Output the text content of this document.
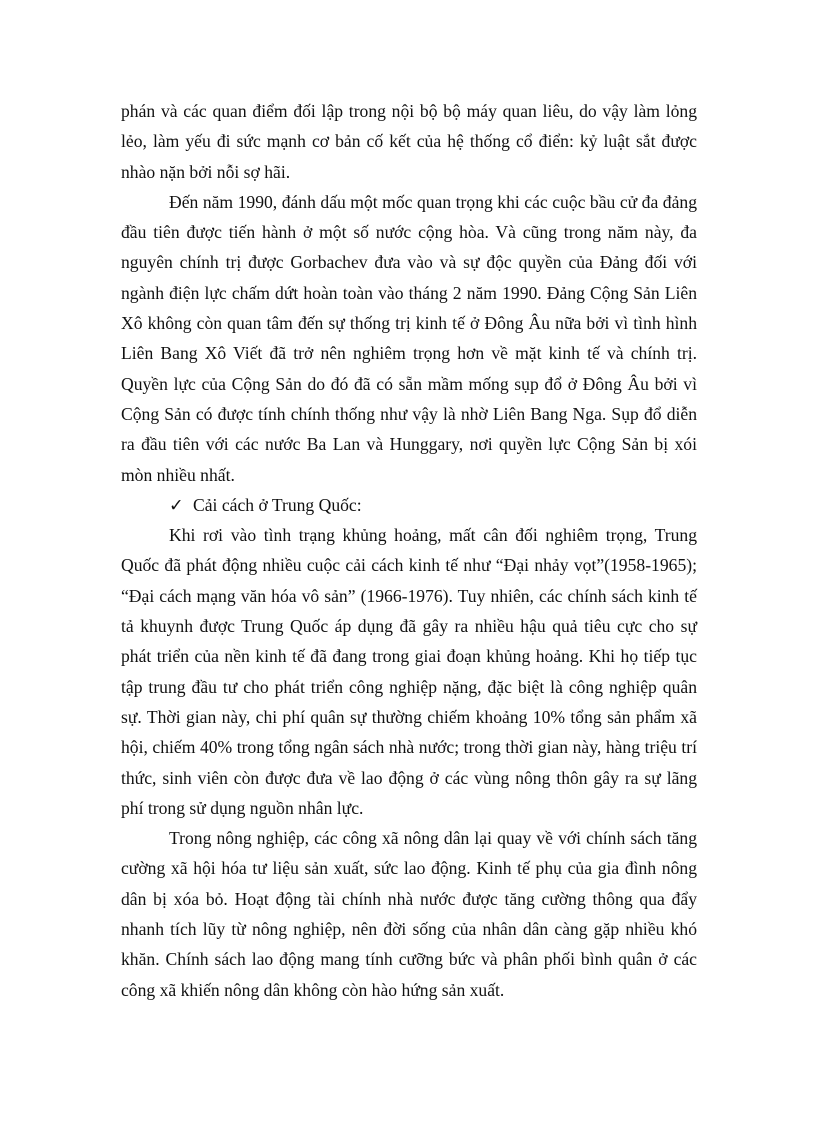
phán và các quan điểm đối lập trong nội bộ bộ máy quan liêu, do vậy làm lỏng lẻo, làm yếu đi sức mạnh cơ bản cố kết của hệ thống cổ điển: kỷ luật sắt được nhào nặn bởi nỗi sợ hãi.

Đến năm 1990, đánh dấu một mốc quan trọng khi các cuộc bầu cử đa đảng đầu tiên được tiến hành ở một số nước cộng hòa. Và cũng trong năm này, đa nguyên chính trị được Gorbachev đưa vào và sự độc quyền của Đảng đối với ngành điện lực chấm dứt hoàn toàn vào tháng 2 năm 1990. Đảng Cộng Sản Liên Xô không còn quan tâm đến sự thống trị kinh tế ở Đông Âu nữa bởi vì tình hình Liên Bang Xô Viết đã trở nên nghiêm trọng hơn về mặt kinh tế và chính trị. Quyền lực của Cộng Sản do đó đã có sẵn mầm mống sụp đổ ở Đông Âu bởi vì Cộng Sản có được tính chính thống như vậy là nhờ Liên Bang Nga. Sụp đổ diễn ra đầu tiên với các nước Ba Lan và Hunggary, nơi quyền lực Cộng Sản bị xói mòn nhiều nhất.

✓ Cải cách ở Trung Quốc:

Khi rơi vào tình trạng khủng hoảng, mất cân đối nghiêm trọng, Trung Quốc đã phát động nhiều cuộc cải cách kinh tế như “Đại nhảy vọt”(1958-1965); “Đại cách mạng văn hóa vô sản” (1966-1976). Tuy nhiên, các chính sách kinh tế tả khuynh được Trung Quốc áp dụng đã gây ra nhiều hậu quả tiêu cực cho sự phát triển của nền kinh tế đã đang trong giai đoạn khủng hoảng. Khi họ tiếp tục tập trung đầu tư cho phát triển công nghiệp nặng, đặc biệt là công nghiệp quân sự. Thời gian này, chi phí quân sự thường chiếm khoảng 10% tổng sản phẩm xã hội, chiếm 40% trong tổng ngân sách nhà nước; trong thời gian này, hàng triệu trí thức, sinh viên còn được đưa về lao động ở các vùng nông thôn gây ra sự lãng phí trong sử dụng nguồn nhân lực.

Trong nông nghiệp, các công xã nông dân lại quay về với chính sách tăng cường xã hội hóa tư liệu sản xuất, sức lao động. Kinh tế phụ của gia đình nông dân bị xóa bỏ. Hoạt động tài chính nhà nước được tăng cường thông qua đẩy nhanh tích lũy từ nông nghiệp, nên đời sống của nhân dân càng gặp nhiều khó khăn. Chính sách lao động mang tính cưỡng bức và phân phối bình quân ở các công xã khiến nông dân không còn hào hứng sản xuất.
